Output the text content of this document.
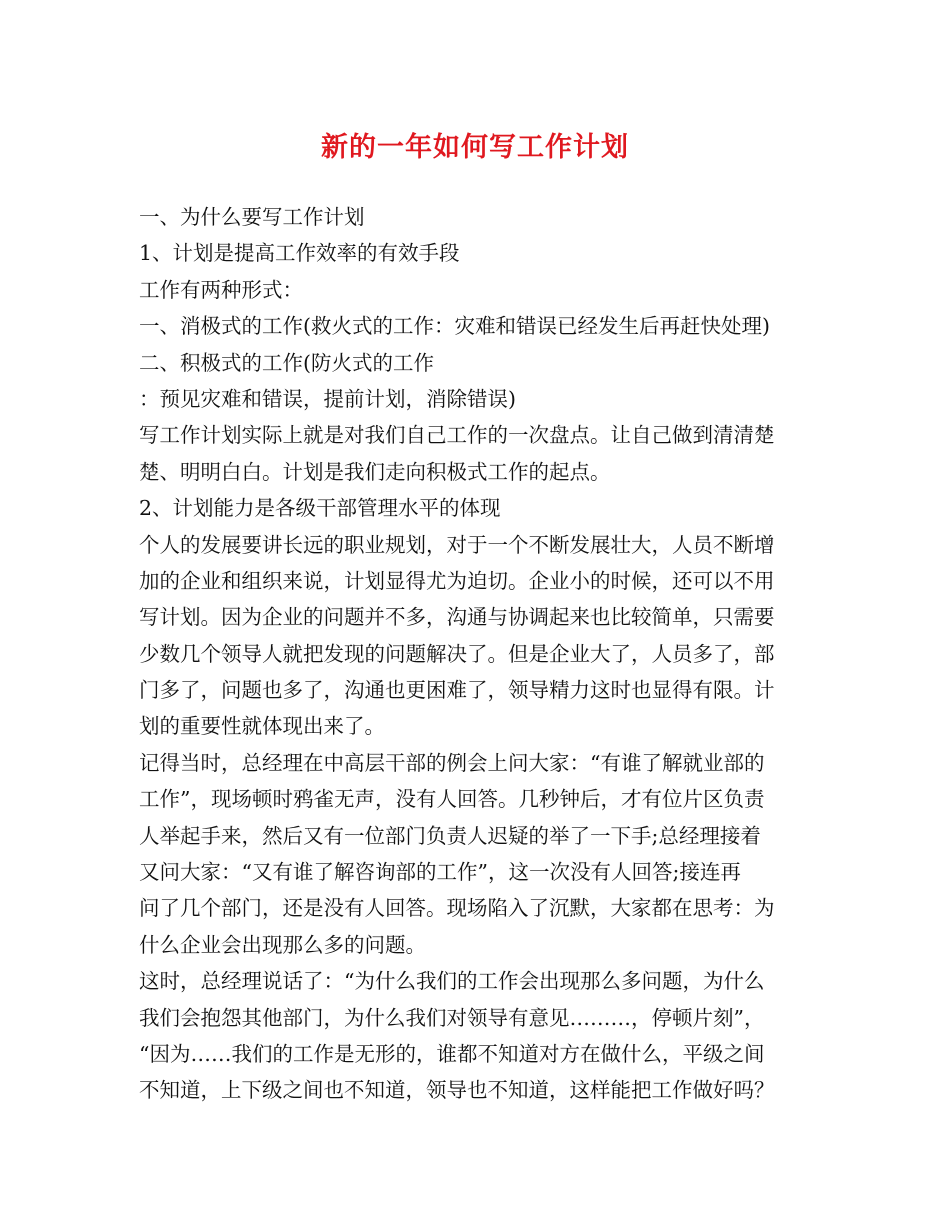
新的一年如何写工作计划
一、为什么要写工作计划
1、计划是提高工作效率的有效手段
工作有两种形式：
一、消极式的工作(救火式的工作：灾难和错误已经发生后再赶快处理)
二、积极式的工作(防火式的工作
：预见灾难和错误，提前计划，消除错误)
写工作计划实际上就是对我们自己工作的一次盘点。让自己做到清清楚
楚、明明白白。计划是我们走向积极式工作的起点。
2、计划能力是各级干部管理水平的体现
个人的发展要讲长远的职业规划，对于一个不断发展壮大，人员不断增
加的企业和组织来说，计划显得尤为迫切。企业小的时候，还可以不用
写计划。因为企业的问题并不多，沟通与协调起来也比较简单，只需要
少数几个领导人就把发现的问题解决了。但是企业大了，人员多了，部
门多了，问题也多了，沟通也更困难了，领导精力这时也显得有限。计
划的重要性就体现出来了。
记得当时，总经理在中高层干部的例会上问大家：“有谁了解就业部的
工作”，现场顿时鸦雀无声，没有人回答。几秒钟后，才有位片区负责
人举起手来，然后又有一位部门负责人迟疑的举了一下手;总经理接着
又问大家：“又有谁了解咨询部的工作”，这一次没有人回答;接连再
问了几个部门，还是没有人回答。现场陷入了沉默，大家都在思考：为
什么企业会出现那么多的问题。
这时，总经理说话了：“为什么我们的工作会出现那么多问题，为什么
我们会抱怨其他部门，为什么我们对领导有意见………，停顿片刻”，
“因为……我们的工作是无形的，谁都不知道对方在做什么，平级之间
不知道，上下级之间也不知道，领导也不知道，这样能把工作做好吗？
